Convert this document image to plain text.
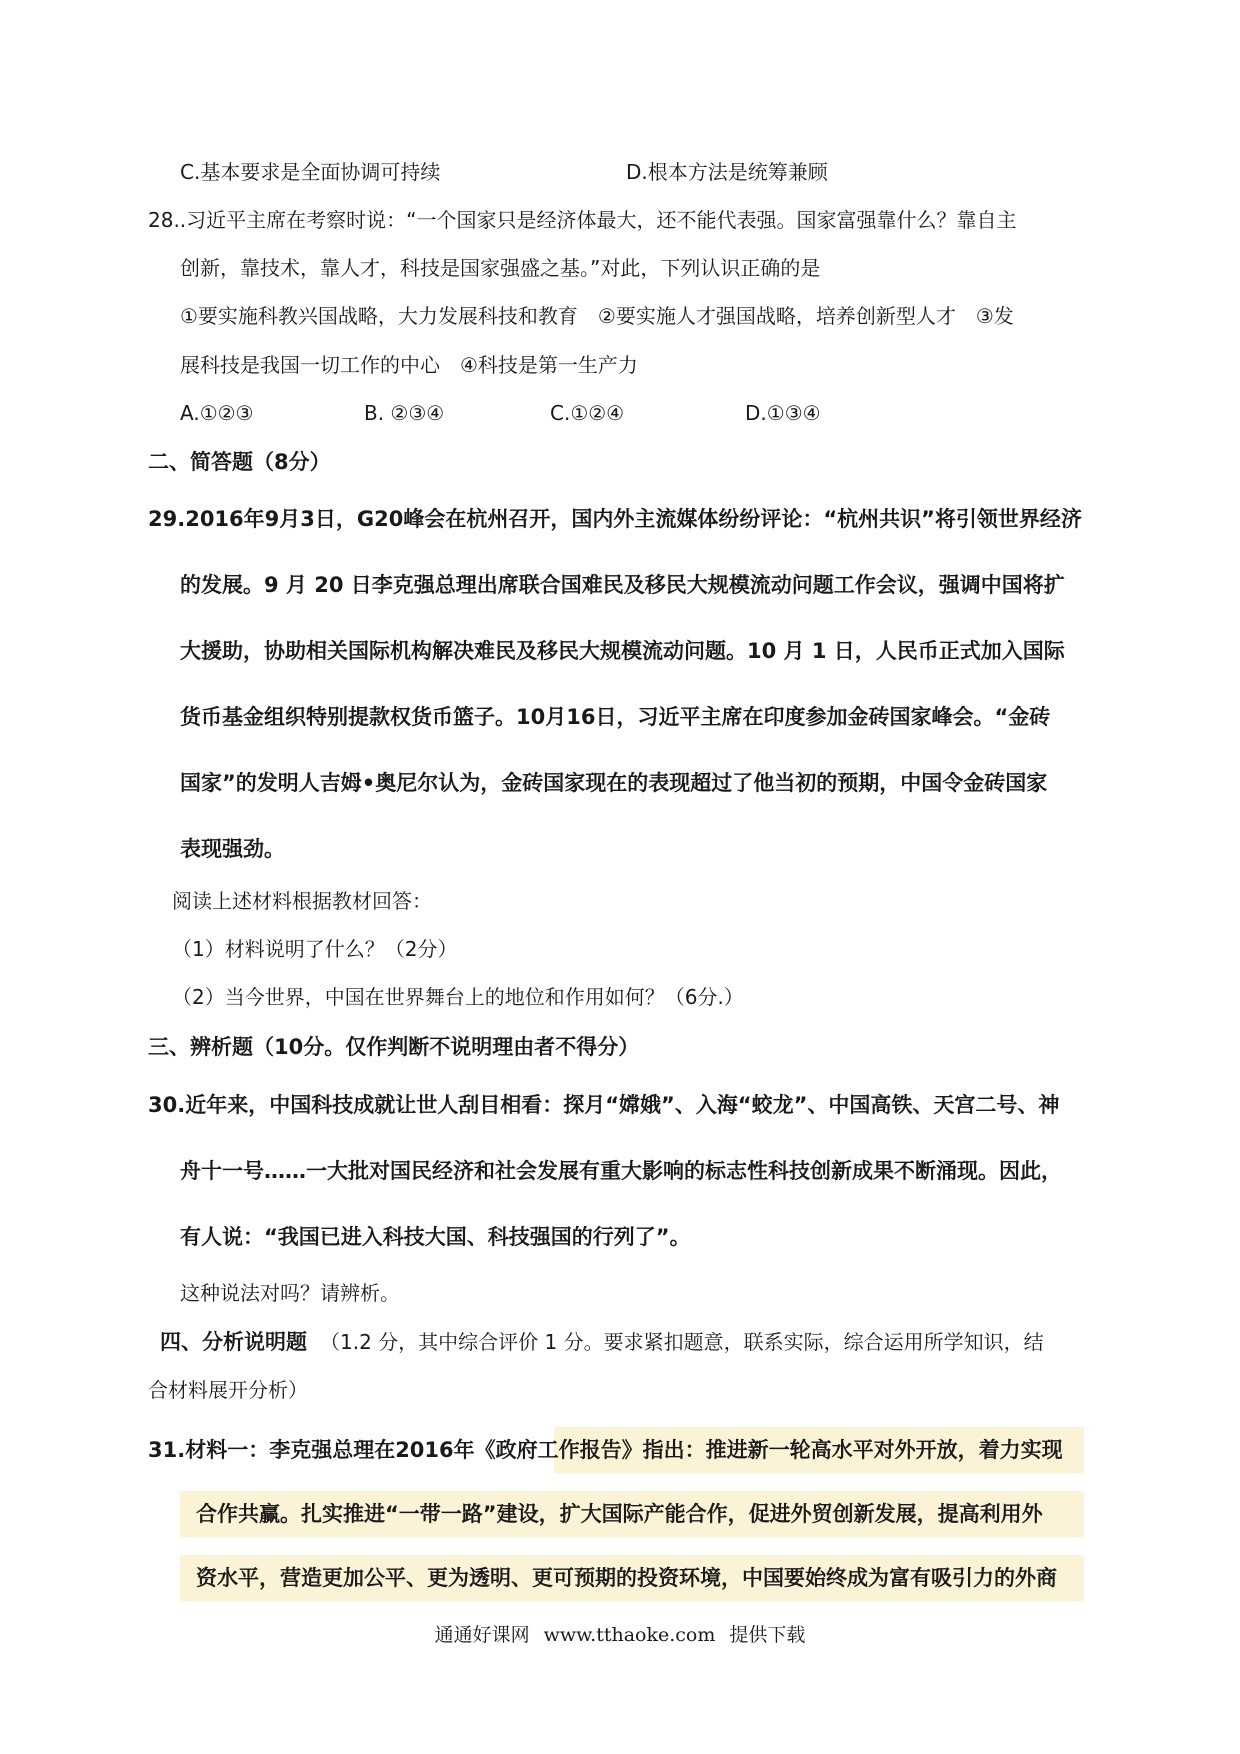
C.基本要求是全面协调可持续	D.根本方法是统筹兼顾
28..习近平主席在考察时说：“一个国家只是经济体最大，还不能代表强。国家富强靠什么？靠自主
创新，靠技术，靠人才，科技是国家强盛之基。”对此，下列认识正确的是
①要实施科教兴国战略，大力发展科技和教育　②要实施人才强国战略，培养创新型人才　③发
展科技是我国一切工作的中心　④科技是第一生产力
A.①②③	B. ②③④	C.①②④	D.①③④
二、简答题（8分）
29.2016年9月3日，G20峰会在杭州召开，国内外主流媒体纷纷评论：“杭州共识”将引领世界经济
的发展。9 月 20 日李克强总理出席联合国难民及移民大规模流动问题工作会议，强调中国将扩
大援助，协助相关国际机构解决难民及移民大规模流动问题。10 月 1 日，人民币正式加入国际
货币基金组织特别提款权货币篮子。10月16日，习近平主席在印度参加金砖国家峰会。“金砖
国家”的发明人吉姆•奥尼尔认为，金砖国家现在的表现超过了他当初的预期，中国令金砖国家
表现强劲。
阅读上述材料根据教材回答：
（1）材料说明了什么？（2分）
（2）当今世界，中国在世界舞台上的地位和作用如何？（6分.）
三、辨析题（10分。仅作判断不说明理由者不得分）
30.近年来，中国科技成就让世人刮目相看：探月“嫦娥”、入海“蛟龙”、中国高铁、天宫二号、神
舟十一号……一大批对国民经济和社会发展有重大影响的标志性科技创新成果不断涌现。因此，
有人说：“我国已进入科技大国、科技强国的行列了”。
这种说法对吗？请辨析。
四、分析说明题 （1.2 分，其中综合评价 1 分。要求紧扣题意，联系实际，综合运用所学知识，结
合材料展开分析）
31.材料一：李克强总理在2016年《政府工作报告》指出：推进新一轮高水平对外开放，着力实现
合作共赢。扎实推进“一带一路”建设，扩大国际产能合作，促进外贸创新发展，提高利用外
资水平，营造更加公平、更为透明、更可预期的投资环境，中国要始终成为富有吸引力的外商
通通好课网 www.tthaoke.com 提供下载
